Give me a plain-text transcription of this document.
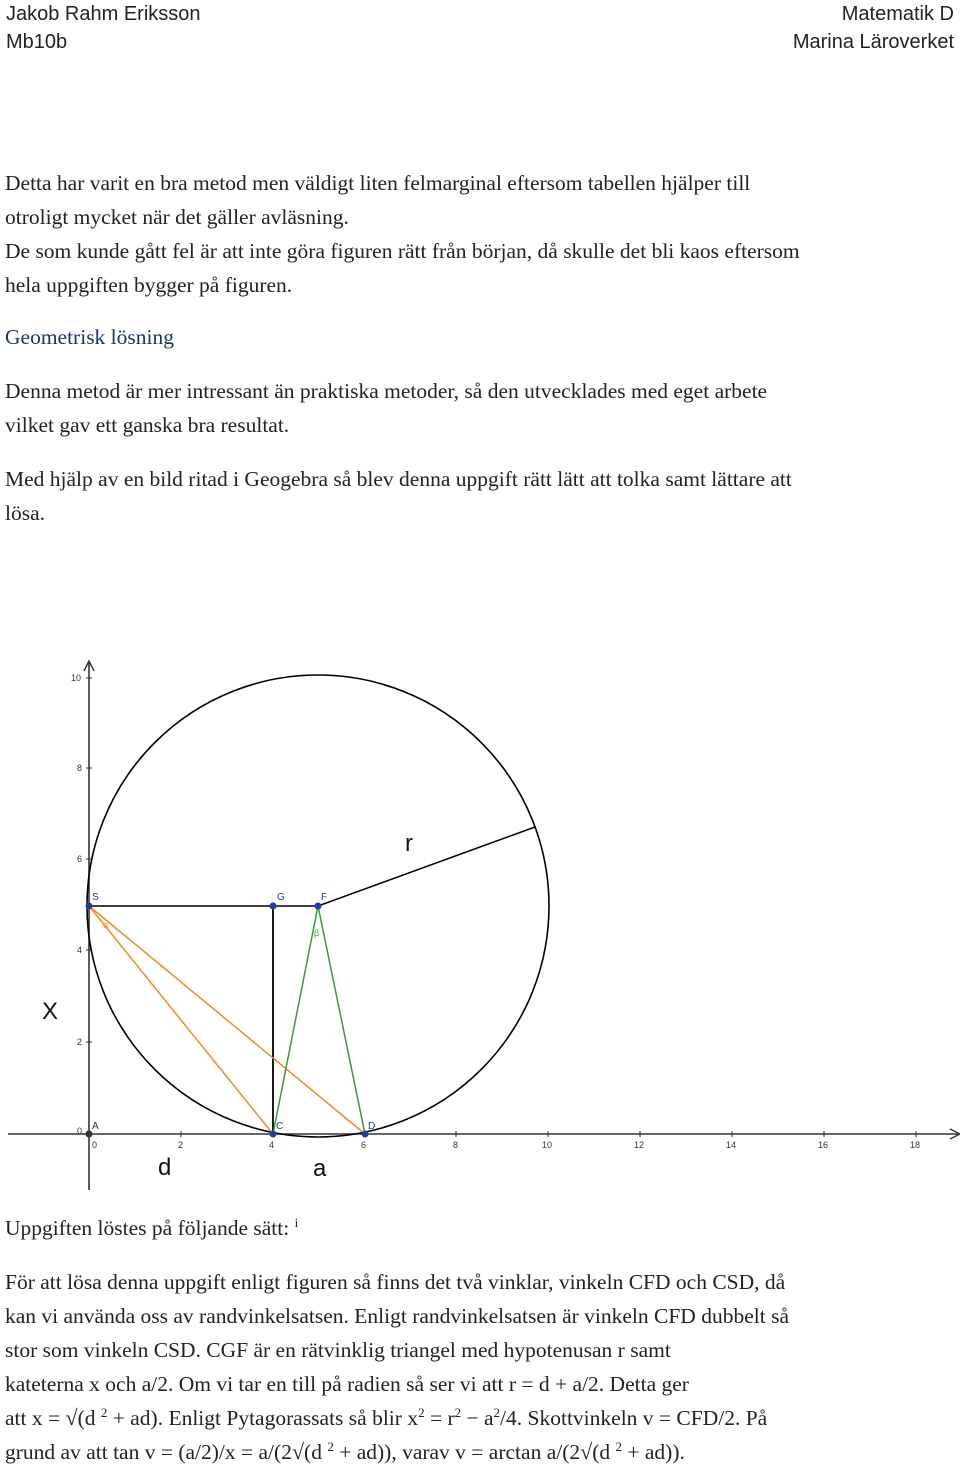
Jakob Rahm Eriksson
Mb10b
Matematik D
Marina Läroverket
Detta har varit en bra metod men väldigt liten felmarginal eftersom tabellen hjälper till
otroligt mycket när det gäller avläsning.
De som kunde gått fel är att inte göra figuren rätt från början, då skulle det bli kaos eftersom
hela uppgiften bygger på figuren.
Geometrisk lösning
Denna metod är mer intressant än praktiska metoder, så den utvecklades med eget arbete
vilket gav ett ganska bra resultat.
Med hjälp av en bild ritad i Geogebra så blev denna uppgift rätt lätt att tolka samt lättare att
lösa.
10
8
6
4
2
0
0	2	4	6	8	10	12	14	16	18
α
β
S	G	F
A	C	D
r
X
d	a
Uppgiften löstes på följande sätt: $^i$
För att lösa denna uppgift enligt figuren så finns det två vinklar, vinkeln CFD och CSD, då
kan vi använda oss av randvinkelsatsen. Enligt randvinkelsatsen är vinkeln CFD dubbelt så
stor som vinkeln CSD. CGF är en rätvinklig triangel med hypotenusan r samt
kateterna x och a/2. Om vi tar en till på radien så ser vi att r = d + a/2. Detta ger
att x = √(d $^2$ + ad). Enligt Pytagorassats så blir $x^2 = r^2 - a^2/4$. Skottvinkeln v = CFD/2. På
grund av att tan v = (a/2)/x = a/(2√(d $^2$ + ad)), varav v = arctan a/(2√(d $^2$ + ad)).
